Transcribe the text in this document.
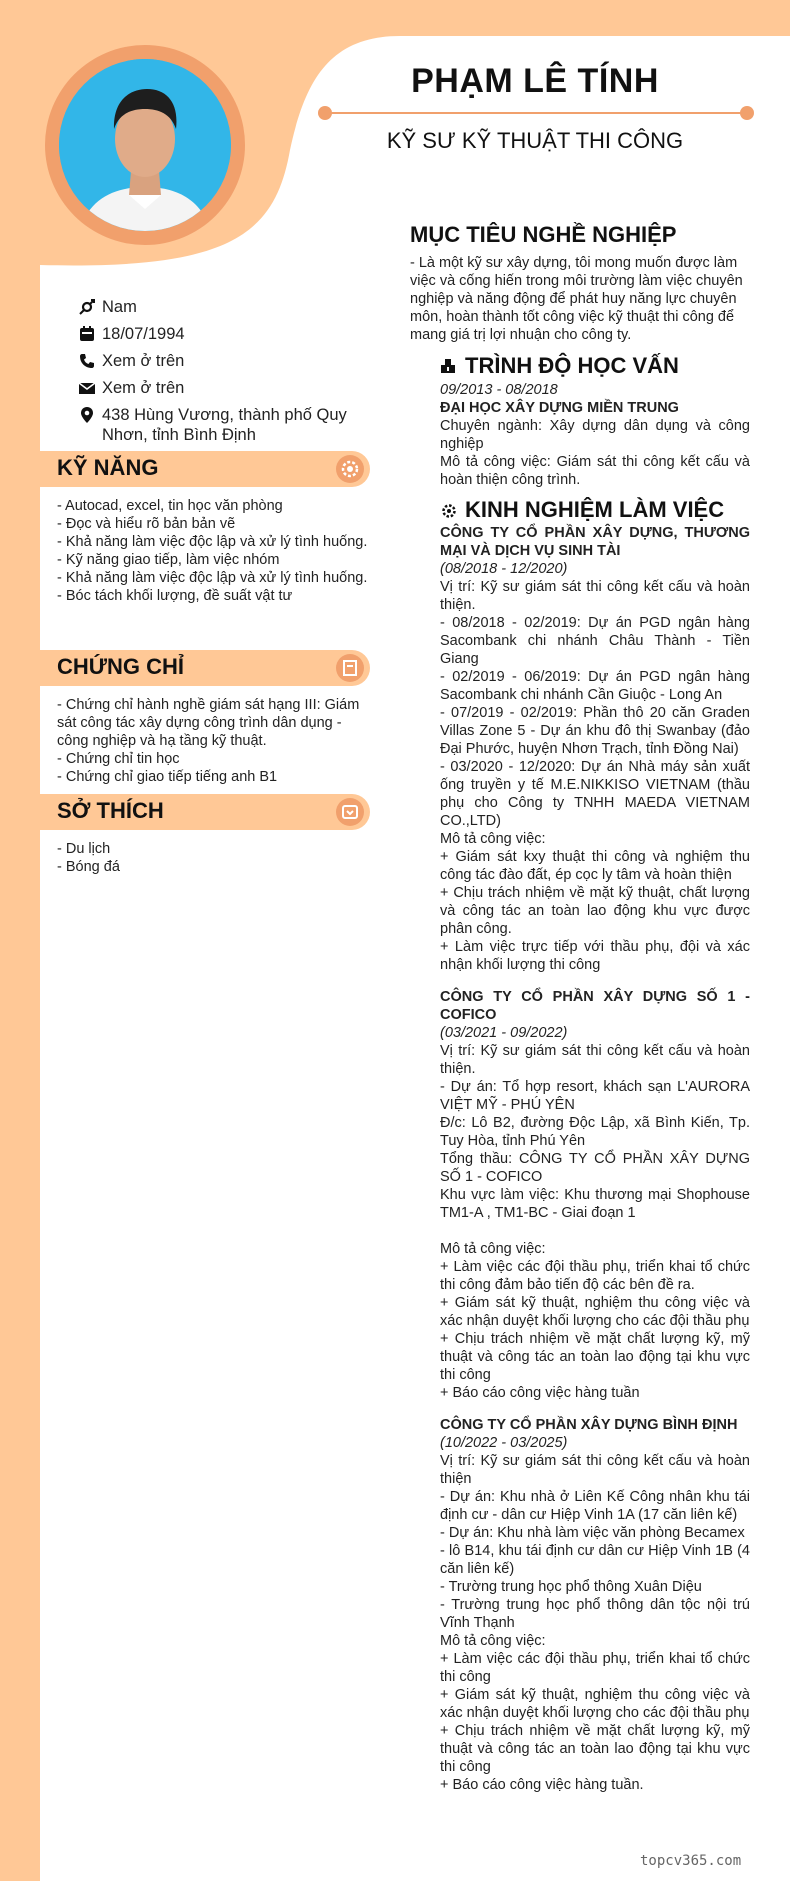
PHẠM LÊ TÍNH
KỸ SƯ KỸ THUẬT THI CÔNG
Nam
18/07/1994
Xem ở trên
Xem ở trên
438 Hùng Vương, thành phố Quy Nhơn, tỉnh Bình Định
KỸ NĂNG
- Autocad, excel, tin học văn phòng
- Đọc và hiểu rõ bản bản vẽ
- Khả năng làm việc độc lập và xử lý tình huống.
- Kỹ năng giao tiếp, làm việc nhóm
- Khả năng làm việc độc lập và xử lý tình huống.
- Bóc tách khối lượng, đề suất vật tư
CHỨNG CHỈ
- Chứng chỉ hành nghề giám sát hạng III: Giám sát công tác xây dựng công trình dân dụng - công nghiệp và hạ tầng kỹ thuật.
- Chứng chỉ tin học
- Chứng chỉ giao tiếp tiếng anh B1
SỞ THÍCH
- Du lịch
- Bóng đá
MỤC TIÊU NGHỀ NGHIỆP
- Là một kỹ sư xây dựng, tôi mong muốn được làm việc và cống hiến trong môi trường làm việc chuyên nghiệp và năng động để phát huy năng lực chuyên môn, hoàn thành tốt công việc kỹ thuật thi công để mang giá trị lợi nhuận cho công ty.
TRÌNH ĐỘ HỌC VẤN
09/2013 - 08/2018
ĐẠI HỌC XÂY DỰNG MIỀN TRUNG
Chuyên ngành: Xây dựng dân dụng và công nghiệp
Mô tả công việc: Giám sát thi công kết cấu và hoàn thiện công trình.
KINH NGHIỆM LÀM VIỆC
CÔNG TY CỔ PHẦN XÂY DỰNG, THƯƠNG MẠI VÀ DỊCH VỤ SINH TÀI
(08/2018 - 12/2020)
Vị trí: Kỹ sư giám sát thi công kết cấu và hoàn thiện.
- 08/2018 - 02/2019: Dự án PGD ngân hàng Sacombank chi nhánh Châu Thành - Tiền Giang
- 02/2019 - 06/2019: Dự án PGD ngân hàng Sacombank chi nhánh Cần Giuộc - Long An
- 07/2019 - 02/2019: Phần thô 20 căn Graden Villas Zone 5 - Dự án khu đô thị Swanbay (đảo Đại Phước, huyện Nhơn Trạch, tỉnh Đồng Nai)
- 03/2020 - 12/2020: Dự án Nhà máy sản xuất ống truyền y tế M.E.NIKKISO VIETNAM (thầu phụ cho Công ty TNHH MAEDA VIETNAM CO.,LTD)
Mô tả công việc:
+ Giám sát kxy thuật thi công và nghiệm thu công tác đào đất, ép cọc ly tâm và hoàn thiện
+ Chịu trách nhiệm về mặt kỹ thuật, chất lượng và công tác an toàn lao động khu vực được phân công.
+ Làm việc trực tiếp với thầu phụ, đội và xác nhận khối lượng thi công
CÔNG TY CỔ PHẦN XÂY DỰNG SỐ 1 - COFICO
(03/2021 - 09/2022)
Vị trí: Kỹ sư giám sát thi công kết cấu và hoàn thiện.
- Dự án: Tổ hợp resort, khách sạn L'AURORA VIỆT MỸ - PHÚ YÊN
Đ/c: Lô B2, đường Độc Lập, xã Bình Kiến, Tp. Tuy Hòa, tỉnh Phú Yên
Tổng thầu: CÔNG TY CỔ PHẦN XÂY DỰNG SỐ 1 - COFICO
Khu vực làm việc: Khu thương mại Shophouse TM1-A , TM1-BC - Giai đoạn 1
Mô tả công việc:
+ Làm việc các đội thầu phụ, triển khai tổ chức thi công đảm bảo tiến độ các bên đề ra.
+ Giám sát kỹ thuật, nghiệm thu công việc và xác nhận duyệt khối lượng cho các đội thầu phụ
+ Chịu trách nhiệm về mặt chất lượng kỹ, mỹ thuật và công tác an toàn lao động tại khu vực thi công
+ Báo cáo công việc hàng tuần
CÔNG TY CỔ PHẦN XÂY DỰNG BÌNH ĐỊNH
(10/2022 - 03/2025)
Vị trí: Kỹ sư giám sát thi công kết cấu và hoàn thiện
- Dự án: Khu nhà ở Liên Kế Công nhân khu tái định cư - dân cư Hiệp Vinh 1A (17 căn liên kế)
- Dự án: Khu nhà làm việc văn phòng Becamex
- lô B14, khu tái định cư dân cư Hiệp Vinh 1B (4 căn liên kế)
- Trường trung học phổ thông Xuân Diệu
- Trường trung học phổ thông dân tộc nội trú Vĩnh Thạnh
Mô tả công việc:
+ Làm việc các đội thầu phụ, triển khai tổ chức thi công
+ Giám sát kỹ thuật, nghiệm thu công việc và xác nhận duyệt khối lượng cho các đội thầu phụ
+ Chịu trách nhiệm về mặt chất lượng kỹ, mỹ thuật và công tác an toàn lao động tại khu vực thi công
+ Báo cáo công việc hàng tuần.
topcv365.com
